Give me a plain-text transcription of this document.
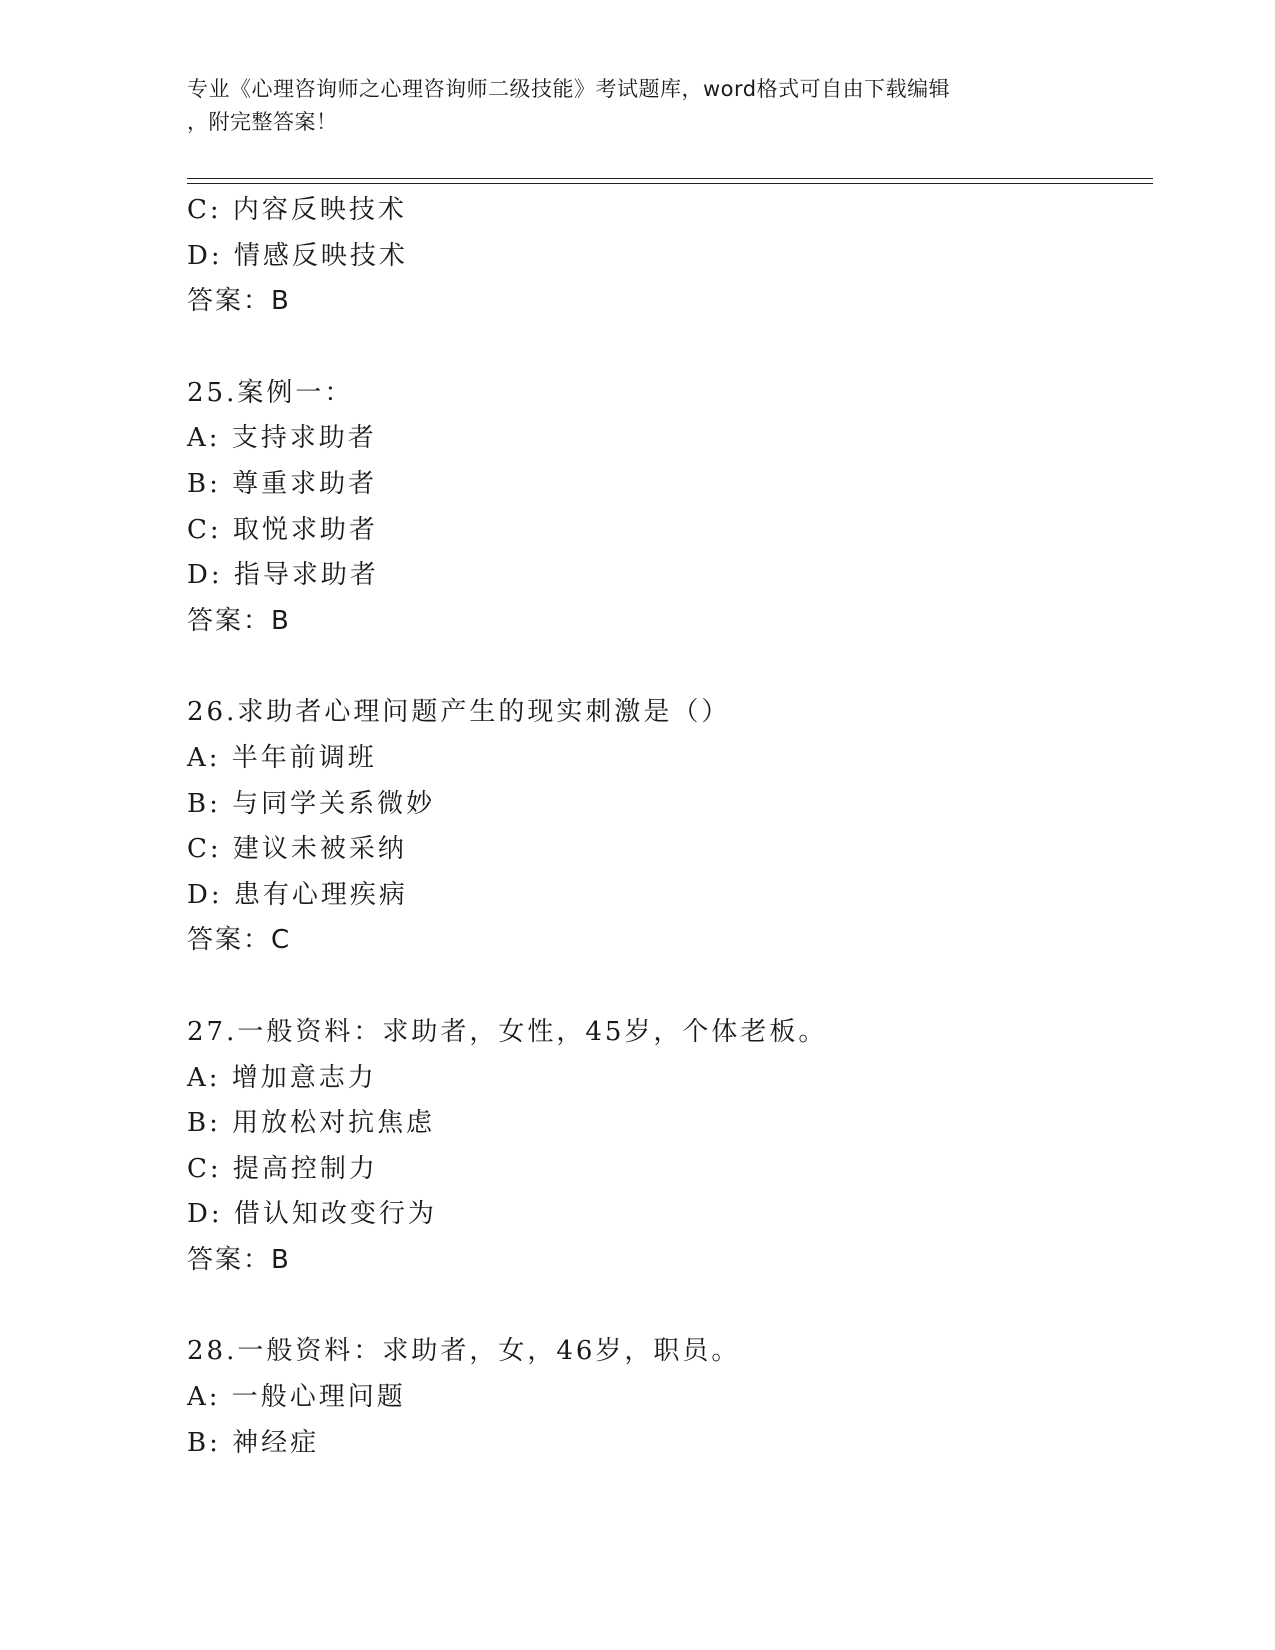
专业《心理咨询师之心理咨询师二级技能》考试题库，word格式可自由下载编辑
，附完整答案！
C: 内容反映技术
D: 情感反映技术
答案：B
25.案例一：
A: 支持求助者
B: 尊重求助者
C: 取悦求助者
D: 指导求助者
答案：B
26.求助者心理问题产生的现实刺激是（）
A: 半年前调班
B: 与同学关系微妙
C: 建议未被采纳
D: 患有心理疾病
答案：C
27.一般资料：求助者，女性，45岁，个体老板。
A: 增加意志力
B: 用放松对抗焦虑
C: 提高控制力
D: 借认知改变行为
答案：B
28.一般资料：求助者，女，46岁，职员。
A: 一般心理问题
B: 神经症
